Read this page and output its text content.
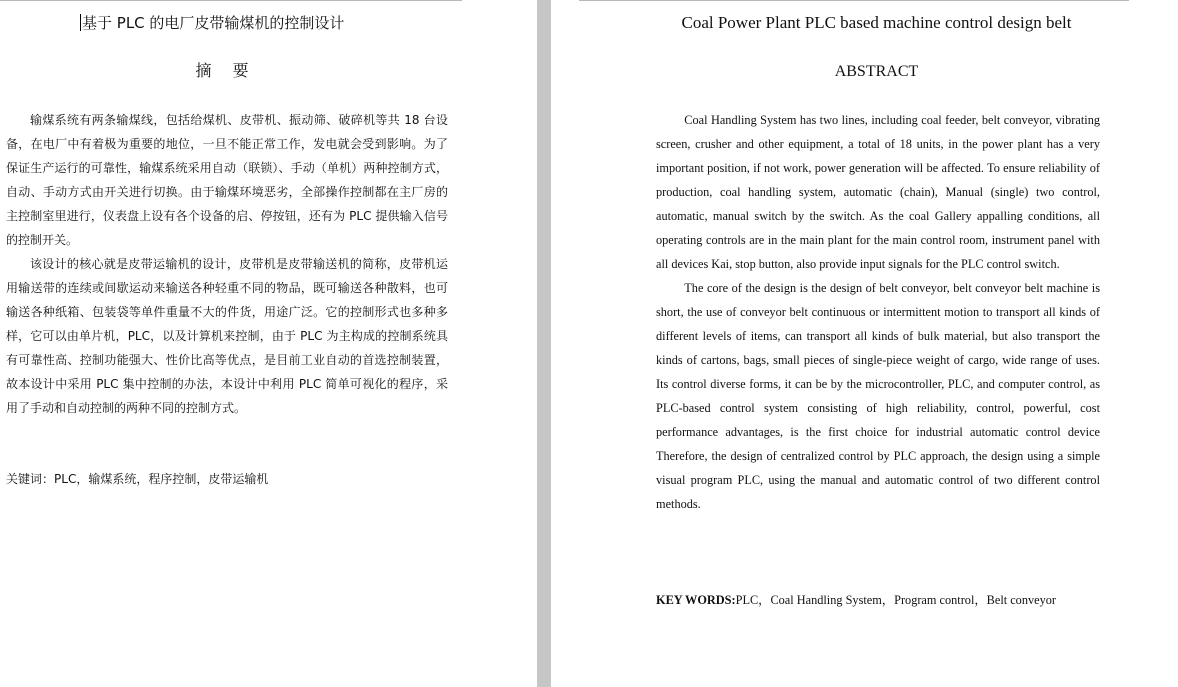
基于 PLC 的电厂皮带输煤机的控制设计
摘 要

输煤系统有两条输煤线，包括给煤机、皮带机、振动筛、破碎机等共 18 台设备，在电厂中有着极为重要的地位，一旦不能正常工作，发电就会受到影响。为了保证生产运行的可靠性，输煤系统采用自动（联锁）、手动（单机）两种控制方式，自动、手动方式由开关进行切换。由于输煤环境恶劣，全部操作控制都在主厂房的主控制室里进行，仪表盘上设有各个设备的启、停按钮，还有为 PLC 提供输入信号的控制开关。

该设计的核心就是皮带运输机的设计，皮带机是皮带输送机的简称，皮带机运用输送带的连续或间歇运动来输送各种轻重不同的物品，既可输送各种散料，也可输送各种纸箱、包装袋等单件重量不大的件货，用途广泛。它的控制形式也多种多样，它可以由单片机，PLC，以及计算机来控制，由于 PLC 为主构成的控制系统具有可靠性高、控制功能强大、性价比高等优点，是目前工业自动的首选控制装置，故本设计中采用 PLC 集中控制的办法，本设计中利用 PLC 简单可视化的程序，采用了手动和自动控制的两种不同的控制方式。

关键词：PLC，输煤系统，程序控制，皮带运输机
Coal Power Plant PLC based machine control design belt
ABSTRACT

Coal Handling System has two lines, including coal feeder, belt conveyor, vibrating screen, crusher and other equipment, a total of 18 units, in the power plant has a very important position, if not work, power generation will be affected. To ensure reliability of production, coal handling system, automatic (chain), Manual (single) two control, automatic, manual switch by the switch. As the coal Gallery appalling conditions, all operating controls are in the main plant for the main control room, instrument panel with all devices Kai, stop button, also provide input signals for the PLC control switch.

The core of the design is the design of belt conveyor, belt conveyor belt machine is short, the use of conveyor belt continuous or intermittent motion to transport all kinds of different levels of items, can transport all kinds of bulk material, but also transport the kinds of cartons, bags, small pieces of single-piece weight of cargo, wide range of uses. Its control diverse forms, it can be by the microcontroller, PLC, and computer control, as PLC-based control system consisting of high reliability, control, powerful, cost performance advantages, is the first choice for industrial automatic control device Therefore, the design of centralized control by PLC approach, the design using a simple visual program PLC, using the manual and automatic control of two different control methods.

KEY WORDS:PLC，Coal Handling System，Program control，Belt conveyor
